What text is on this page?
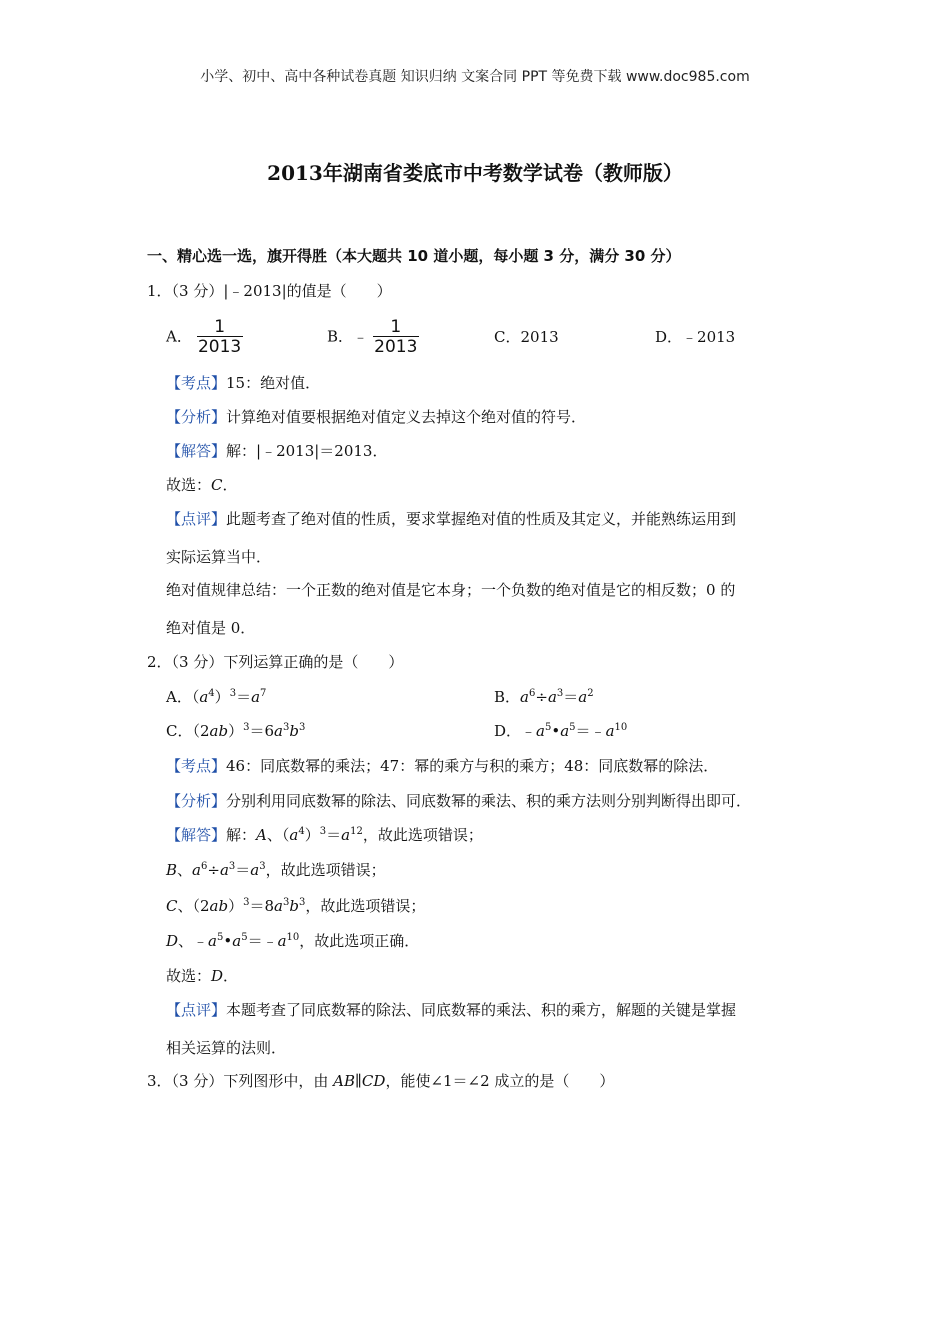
小学、初中、高中各种试卷真题 知识归纳 文案合同 PPT 等免费下载 www.doc985.com
2013年湖南省娄底市中考数学试卷（教师版）
一、精心选一选，旗开得胜（本大题共 10 道小题，每小题 3 分，满分 30 分）
1．（3 分）|﹣2013|的值是（　　）
A． $\frac{1}{2013}$	B．﹣ $\frac{1}{2013}$	C．2013	D．﹣2013
【考点】15：绝对值．
【分析】计算绝对值要根据绝对值定义去掉这个绝对值的符号．
【解答】解：|﹣2013|＝2013．
故选：C．
【点评】此题考查了绝对值的性质，要求掌握绝对值的性质及其定义，并能熟练运用到
实际运算当中．
绝对值规律总结：一个正数的绝对值是它本身；一个负数的绝对值是它的相反数；0 的
绝对值是 0．
2．（3 分）下列运算正确的是（　　）
A．$(a^4)^3=a^7$	B．$a^6\div a^3=a^2$
C．$(2ab)^3=6a^3b^3$	D．$﹣a^5•a^5=﹣a^{10}$
【考点】46：同底数幂的乘法；47：幂的乘方与积的乘方；48：同底数幂的除法．
【分析】分别利用同底数幂的除法、同底数幂的乘法、积的乘方法则分别判断得出即可．
【解答】解：A、$(a^4)^3=a^{12}$，故此选项错误；
B、$a^6\div a^3=a^3$，故此选项错误；
C、$(2ab)^3=8a^3b^3$，故此选项错误；
D、$﹣a^5•a^5=﹣a^{10}$，故此选项正确．
故选：D．
【点评】本题考查了同底数幂的除法、同底数幂的乘法、积的乘方，解题的关键是掌握
相关运算的法则．
3．（3 分）下列图形中，由 AB∥CD，能使∠1＝∠2 成立的是（　　）
